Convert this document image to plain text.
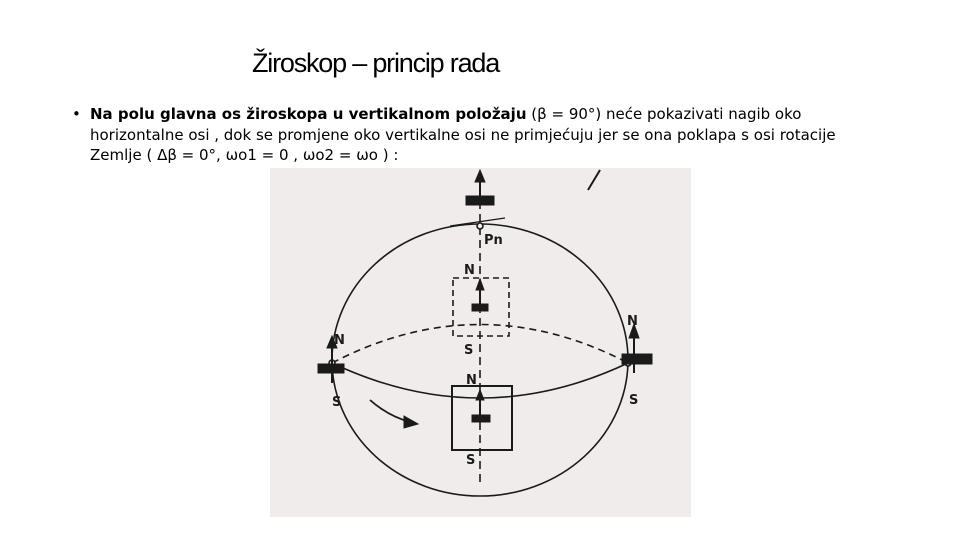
Žiroskop – princip rada
• Na polu glavna os žiroskopa u vertikalnom položaju (β = 90°) neće pokazivati nagib oko horizontalne osi , dok se promjene oko vertikalne osi ne primjećuju jer se ona poklapa s osi rotacije Zemlje ( Δβ = 0°, ωo1 = 0 , ωo2 = ωo ) :
Pn
N
S
N
S
N
S
N
S
